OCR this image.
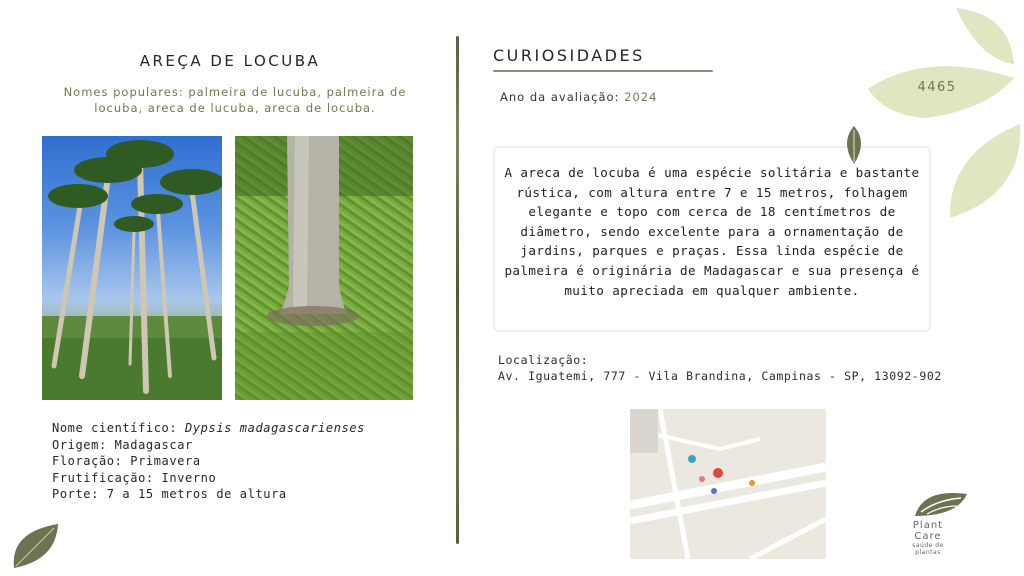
AREÇA DE LOCUBA
Nomes populares: palmeira de lucuba, palmeira de locuba, areca de lucuba, areca de locuba.
Nome científico: Dypsis madagascarienses
Origem: Madagascar
Floração: Primavera
Frutificação: Inverno
Porte: 7 a 15 metros de altura
CURIOSIDADES
Ano da avaliação: 2024
A areca de locuba é uma espécie solitária e bastante rústica, com altura entre 7 e 15 metros, folhagem elegante e topo com cerca de 18 centímetros de diâmetro, sendo excelente para a ornamentação de jardins, parques e praças. Essa linda espécie de palmeira é originária de Madagascar e sua presença é muito apreciada em qualquer ambiente.
Localização:
Av. Iguatemi, 777 - Vila Brandina, Campinas - SP, 13092-902
4465
Plant Care
saúde de plantas
